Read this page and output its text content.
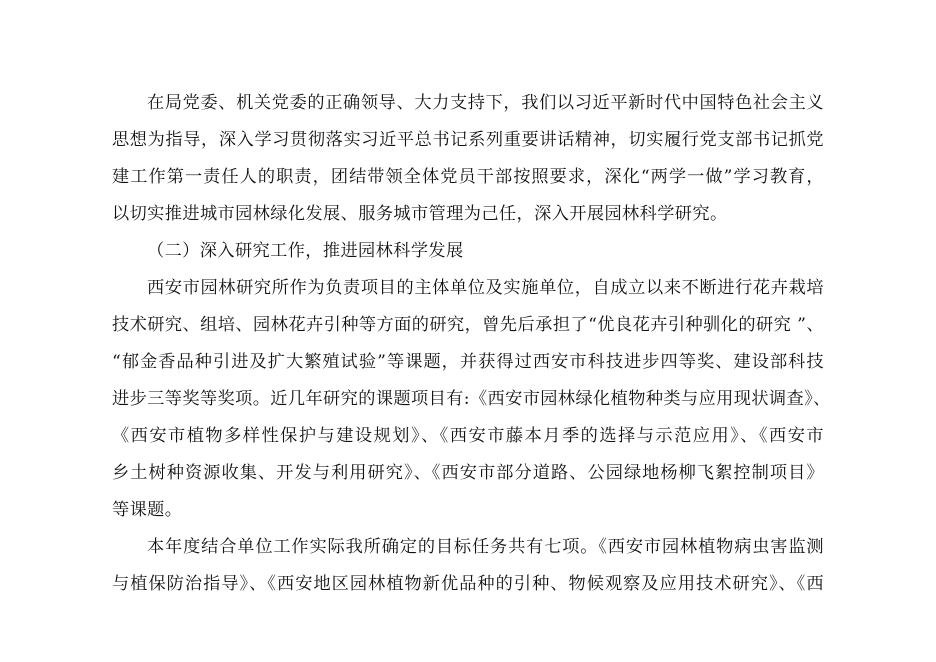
在局党委、机关党委的正确领导、大力支持下，我们以习近平新时代中国特色社会主义
思想为指导，深入学习贯彻落实习近平总书记系列重要讲话精神，切实履行党支部书记抓党
建工作第一责任人的职责，团结带领全体党员干部按照要求，深化“两学一做”学习教育，
以切实推进城市园林绿化发展、服务城市管理为己任，深入开展园林科学研究。
（二）深入研究工作，推进园林科学发展
西安市园林研究所作为负责项目的主体单位及实施单位，自成立以来不断进行花卉栽培
技术研究、组培、园林花卉引种等方面的研究，曾先后承担了“优良花卉引种驯化的研究 ”、
“郁金香品种引进及扩大繁殖试验”等课题，并获得过西安市科技进步四等奖、建设部科技
进步三等奖等奖项。近几年研究的课题项目有:《西安市园林绿化植物种类与应用现状调查》、
《西安市植物多样性保护与建设规划》、《西安市藤本月季的选择与示范应用》、《西安市
乡土树种资源收集、开发与利用研究》、《西安市部分道路、公园绿地杨柳飞絮控制项目》
等课题。
本年度结合单位工作实际我所确定的目标任务共有七项。《西安市园林植物病虫害监测
与植保防治指导》、《西安地区园林植物新优品种的引种、物候观察及应用技术研究》、《西
